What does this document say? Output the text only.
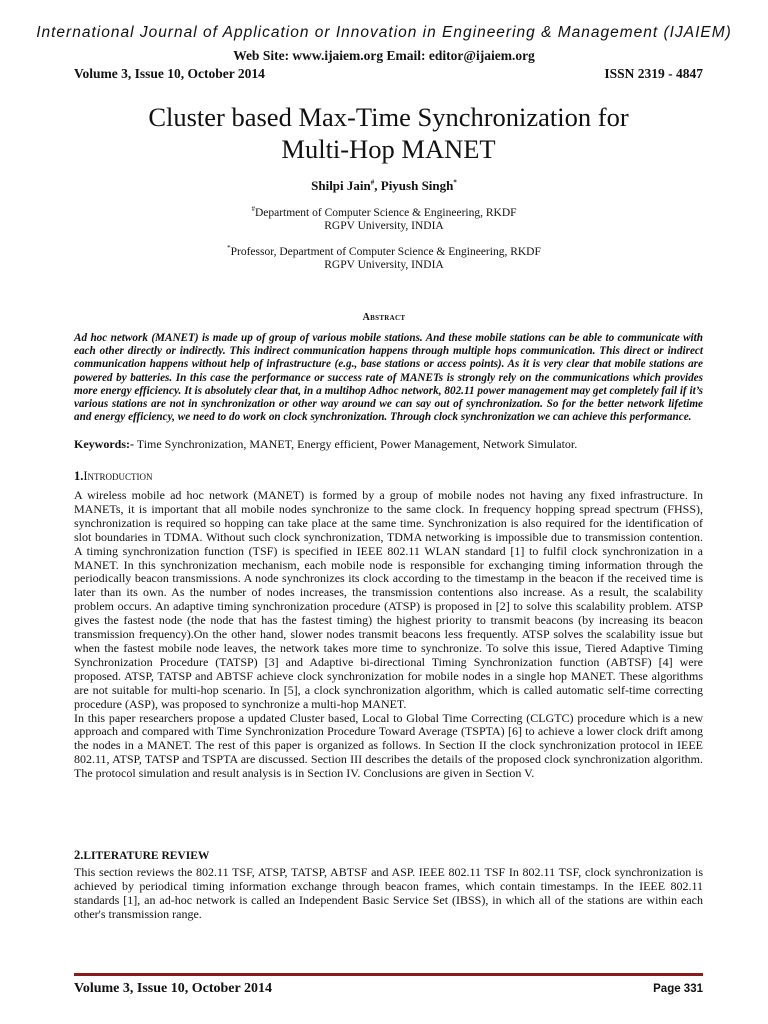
International Journal of Application or Innovation in Engineering & Management (IJAIEM)
Web Site: www.ijaiem.org Email: editor@ijaiem.org
Volume 3, Issue 10, October 2014	ISSN 2319 - 4847
Cluster based Max-Time Synchronization for
Multi-Hop MANET
Shilpi Jain#, Piyush Singh*
#Department of Computer Science & Engineering, RKDF
RGPV University, INDIA
*Professor, Department of Computer Science & Engineering, RKDF
RGPV University, INDIA
Abstract
Ad hoc network (MANET) is made up of group of various mobile stations. And these mobile stations can be able to communicate with each other directly or indirectly. This indirect communication happens through multiple hops communication. This direct or indirect communication happens without help of infrastructure (e.g., base stations or access points). As it is very clear that mobile stations are powered by batteries. In this case the performance or success rate of MANETs is strongly rely on the communications which provides more energy efficiency. It is absolutely clear that, in a multihop Adhoc network, 802.11 power management may get completely fail if it’s various stations are not in synchronization or other way around we can say out of synchronization. So for the better network lifetime and energy efficiency, we need to do work on clock synchronization. Through clock synchronization we can achieve this performance.
Keywords:- Time Synchronization, MANET, Energy efficient, Power Management, Network Simulator.
1.Introduction

A wireless mobile ad hoc network (MANET) is formed by a group of mobile nodes not having any fixed infrastructure. In MANETs, it is important that all mobile nodes synchronize to the same clock. In frequency hopping spread spectrum (FHSS), synchronization is required so hopping can take place at the same time. Synchronization is also required for the identification of slot boundaries in TDMA. Without such clock synchronization, TDMA networking is impossible due to transmission contention. A timing synchronization function (TSF) is specified in IEEE 802.11 WLAN standard [1] to fulfil clock synchronization in a MANET. In this synchronization mechanism, each mobile node is responsible for exchanging timing information through the periodically beacon transmissions. A node synchronizes its clock according to the timestamp in the beacon if the received time is later than its own. As the number of nodes increases, the transmission contentions also increase. As a result, the scalability problem occurs. An adaptive timing synchronization procedure (ATSP) is proposed in [2] to solve this scalability problem. ATSP gives the fastest node (the node that has the fastest timing) the highest priority to transmit beacons (by increasing its beacon transmission frequency).On the other hand, slower nodes transmit beacons less frequently. ATSP solves the scalability issue but when the fastest mobile node leaves, the network takes more time to synchronize. To solve this issue, Tiered Adaptive Timing Synchronization Procedure (TATSP) [3] and Adaptive bi-directional Timing Synchronization function (ABTSF) [4] were proposed. ATSP, TATSP and ABTSF achieve clock synchronization for mobile nodes in a single hop MANET. These algorithms are not suitable for multi-hop scenario. In [5], a clock synchronization algorithm, which is called automatic self-time correcting procedure (ASP), was proposed to synchronize a multi-hop MANET.

In this paper researchers propose a updated Cluster based, Local to Global Time Correcting (CLGTC) procedure which is a new approach and compared with Time Synchronization Procedure Toward Average (TSPTA) [6] to achieve a lower clock drift among the nodes in a MANET. The rest of this paper is organized as follows. In Section II the clock synchronization protocol in IEEE 802.11, ATSP, TATSP and TSPTA are discussed. Section III describes the details of the proposed clock synchronization algorithm. The protocol simulation and result analysis is in Section IV. Conclusions are given in Section V.

2.LITERATURE REVIEW

This section reviews the 802.11 TSF, ATSP, TATSP, ABTSF and ASP. IEEE 802.11 TSF In 802.11 TSF, clock synchronization is achieved by periodical timing information exchange through beacon frames, which contain timestamps. In the IEEE 802.11 standards [1], an ad-hoc network is called an Independent Basic Service Set (IBSS), in which all of the stations are within each other's transmission range.

Volume 3, Issue 10, October 2014	Page 331
